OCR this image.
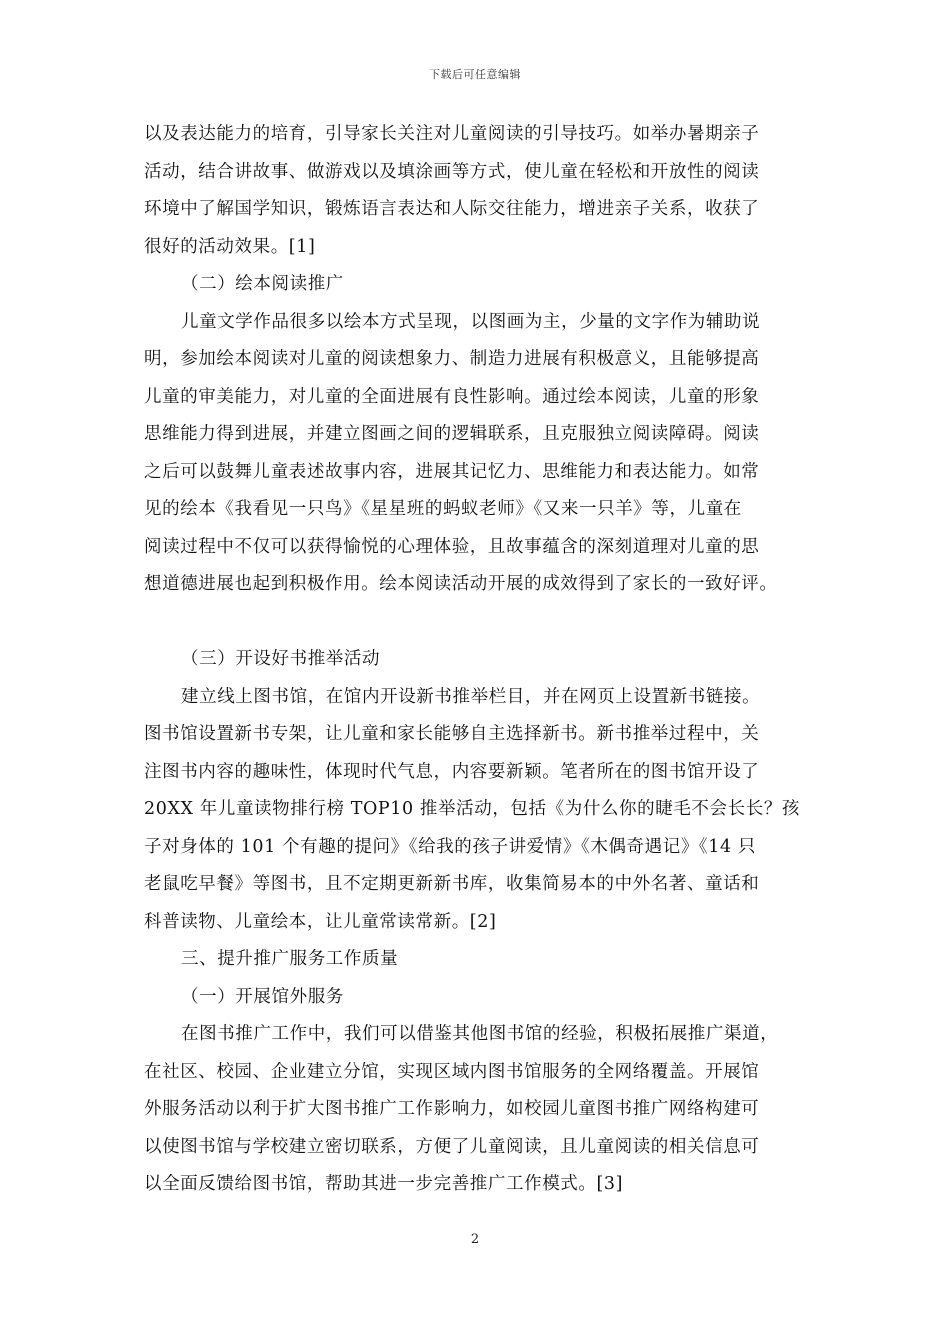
下载后可任意编辑
以及表达能力的培育，引导家长关注对儿童阅读的引导技巧。如举办暑期亲子
活动，结合讲故事、做游戏以及填涂画等方式，使儿童在轻松和开放性的阅读
环境中了解国学知识，锻炼语言表达和人际交往能力，增进亲子关系，收获了
很好的活动效果。[1]
（二）绘本阅读推广
儿童文学作品很多以绘本方式呈现，以图画为主，少量的文字作为辅助说
明，参加绘本阅读对儿童的阅读想象力、制造力进展有积极意义，且能够提高
儿童的审美能力，对儿童的全面进展有良性影响。通过绘本阅读，儿童的形象
思维能力得到进展，并建立图画之间的逻辑联系，且克服独立阅读障碍。阅读
之后可以鼓舞儿童表述故事内容，进展其记忆力、思维能力和表达能力。如常
见的绘本《我看见一只鸟》《星星班的蚂蚁老师》《又来一只羊》等，儿童在
阅读过程中不仅可以获得愉悦的心理体验，且故事蕴含的深刻道理对儿童的思
想道德进展也起到积极作用。绘本阅读活动开展的成效得到了家长的一致好评。
（三）开设好书推举活动
建立线上图书馆，在馆内开设新书推举栏目，并在网页上设置新书链接。
图书馆设置新书专架，让儿童和家长能够自主选择新书。新书推举过程中，关
注图书内容的趣味性，体现时代气息，内容要新颖。笔者所在的图书馆开设了
20XX 年儿童读物排行榜 TOP10 推举活动，包括《为什么你的睫毛不会长长？孩
子对身体的 101 个有趣的提问》《给我的孩子讲爱情》《木偶奇遇记》《14 只
老鼠吃早餐》等图书，且不定期更新新书库，收集简易本的中外名著、童话和
科普读物、儿童绘本，让儿童常读常新。[2]
三、提升推广服务工作质量
（一）开展馆外服务
在图书推广工作中，我们可以借鉴其他图书馆的经验，积极拓展推广渠道，
在社区、校园、企业建立分馆，实现区域内图书馆服务的全网络覆盖。开展馆
外服务活动以利于扩大图书推广工作影响力，如校园儿童图书推广网络构建可
以使图书馆与学校建立密切联系，方便了儿童阅读，且儿童阅读的相关信息可
以全面反馈给图书馆，帮助其进一步完善推广工作模式。[3]
2
